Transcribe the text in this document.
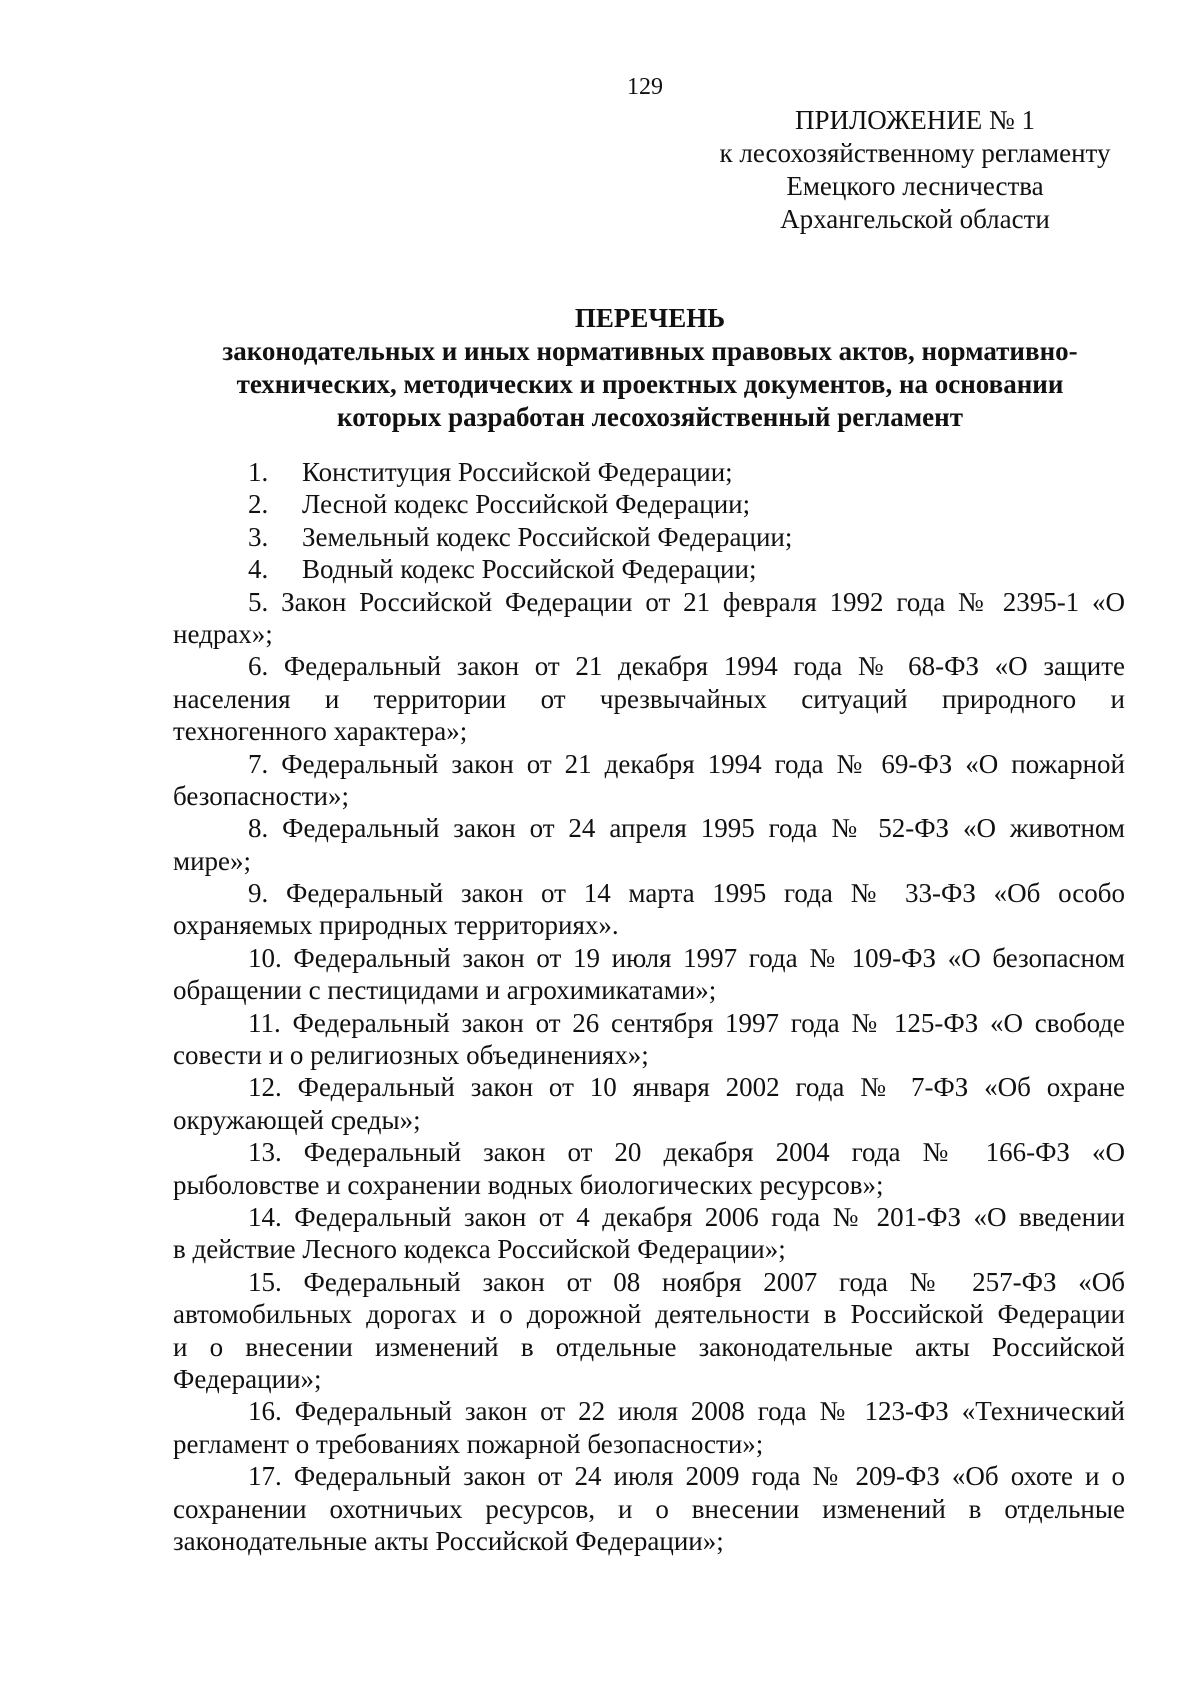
129
ПРИЛОЖЕНИЕ № 1
к лесохозяйственному регламенту
Емецкого лесничества
Архангельской области
ПЕРЕЧЕНЬ
законодательных и иных нормативных правовых актов, нормативно-
технических, методических и проектных документов, на основании
которых разработан лесохозяйственный регламент
1. Конституция Российской Федерации;
2. Лесной кодекс Российской Федерации;
3. Земельный кодекс Российской Федерации;
4. Водный кодекс Российской Федерации;
5. Закон Российской Федерации от 21 февраля 1992 года № 2395-1 «О
недрах»;
6. Федеральный закон от 21 декабря 1994 года № 68-ФЗ «О защите
населения и территории от чрезвычайных ситуаций природного и
техногенного характера»;
7. Федеральный закон от 21 декабря 1994 года № 69-ФЗ «О пожарной
безопасности»;
8. Федеральный закон от 24 апреля 1995 года № 52-ФЗ «О животном
мире»;
9. Федеральный закон от 14 марта 1995 года № 33-ФЗ «Об особо
охраняемых природных территориях».
10. Федеральный закон от 19 июля 1997 года № 109-ФЗ «О безопасном
обращении с пестицидами и агрохимикатами»;
11. Федеральный закон от 26 сентября 1997 года № 125-ФЗ «О свободе
совести и о религиозных объединениях»;
12. Федеральный закон от 10 января 2002 года № 7-ФЗ «Об охране
окружающей среды»;
13. Федеральный закон от 20 декабря 2004 года № 166-ФЗ «О
рыболовстве и сохранении водных биологических ресурсов»;
14. Федеральный закон от 4 декабря 2006 года № 201-ФЗ «О введении
в действие Лесного кодекса Российской Федерации»;
15. Федеральный закон от 08 ноября 2007 года № 257-ФЗ «Об
автомобильных дорогах и о дорожной деятельности в Российской Федерации
и о внесении изменений в отдельные законодательные акты Российской
Федерации»;
16. Федеральный закон от 22 июля 2008 года № 123-ФЗ «Технический
регламент о требованиях пожарной безопасности»;
17. Федеральный закон от 24 июля 2009 года № 209-ФЗ «Об охоте и о
сохранении охотничьих ресурсов, и о внесении изменений в отдельные
законодательные акты Российской Федерации»;
